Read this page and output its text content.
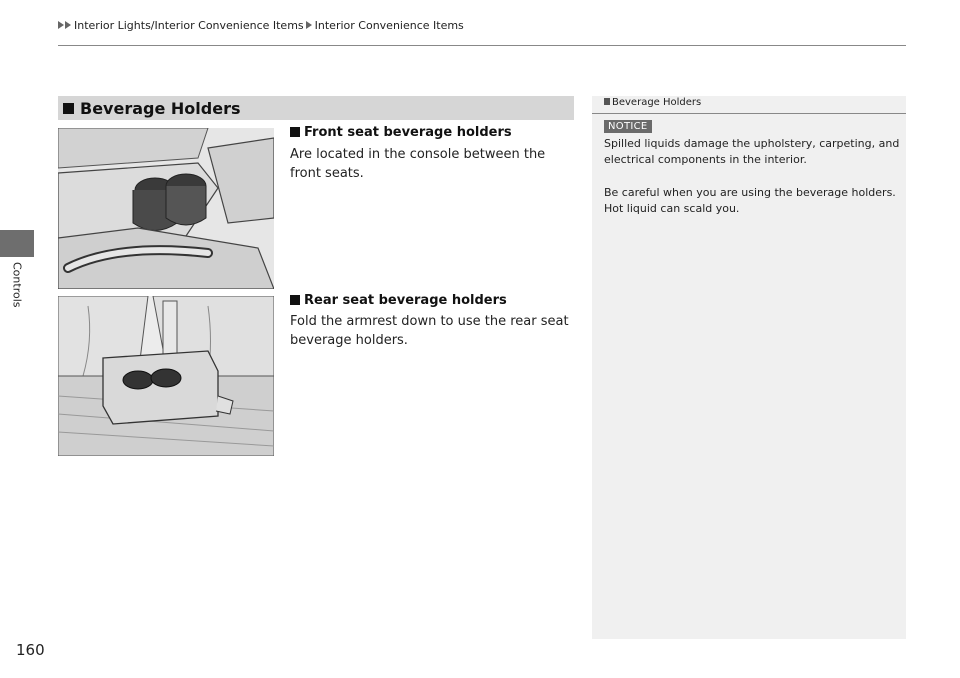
Interior Lights/Interior Convenience Items Interior Convenience Items
Controls
160
Beverage Holders
Front seat beverage holders
Are located in the console between the front seats.
Rear seat beverage holders
Fold the armrest down to use the rear seat beverage holders.
Beverage Holders
NOTICE
Spilled liquids damage the upholstery, carpeting, and electrical components in the interior.
Be careful when you are using the beverage holders. Hot liquid can scald you.
